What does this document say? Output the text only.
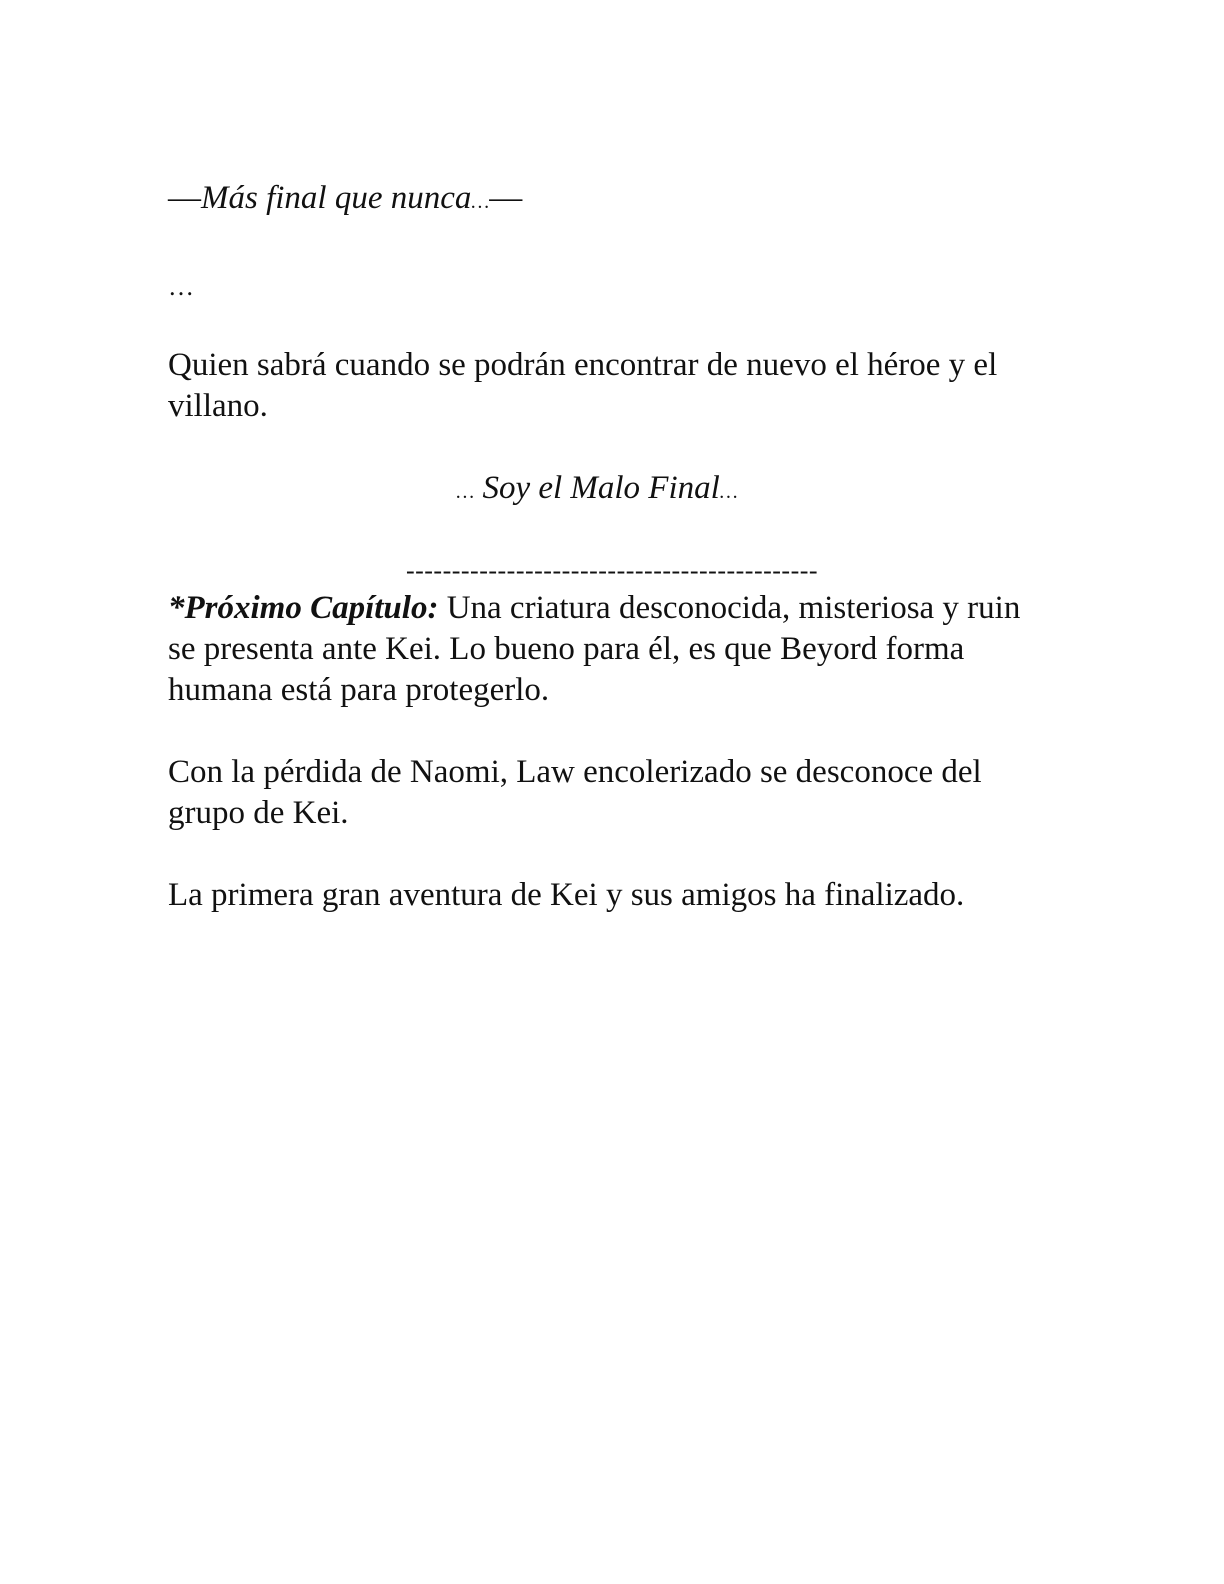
—Más final que nunca…—

…

Quien sabrá cuando se podrán encontrar de nuevo el héroe y el villano.

… Soy el Malo Final…

---------------------------------------------

*Próximo Capítulo: Una criatura desconocida, misteriosa y ruin se presenta ante Kei. Lo bueno para él, es que Beyord forma humana está para protegerlo.

Con la pérdida de Naomi, Law encolerizado se desconoce del grupo de Kei.

La primera gran aventura de Kei y sus amigos ha finalizado.
